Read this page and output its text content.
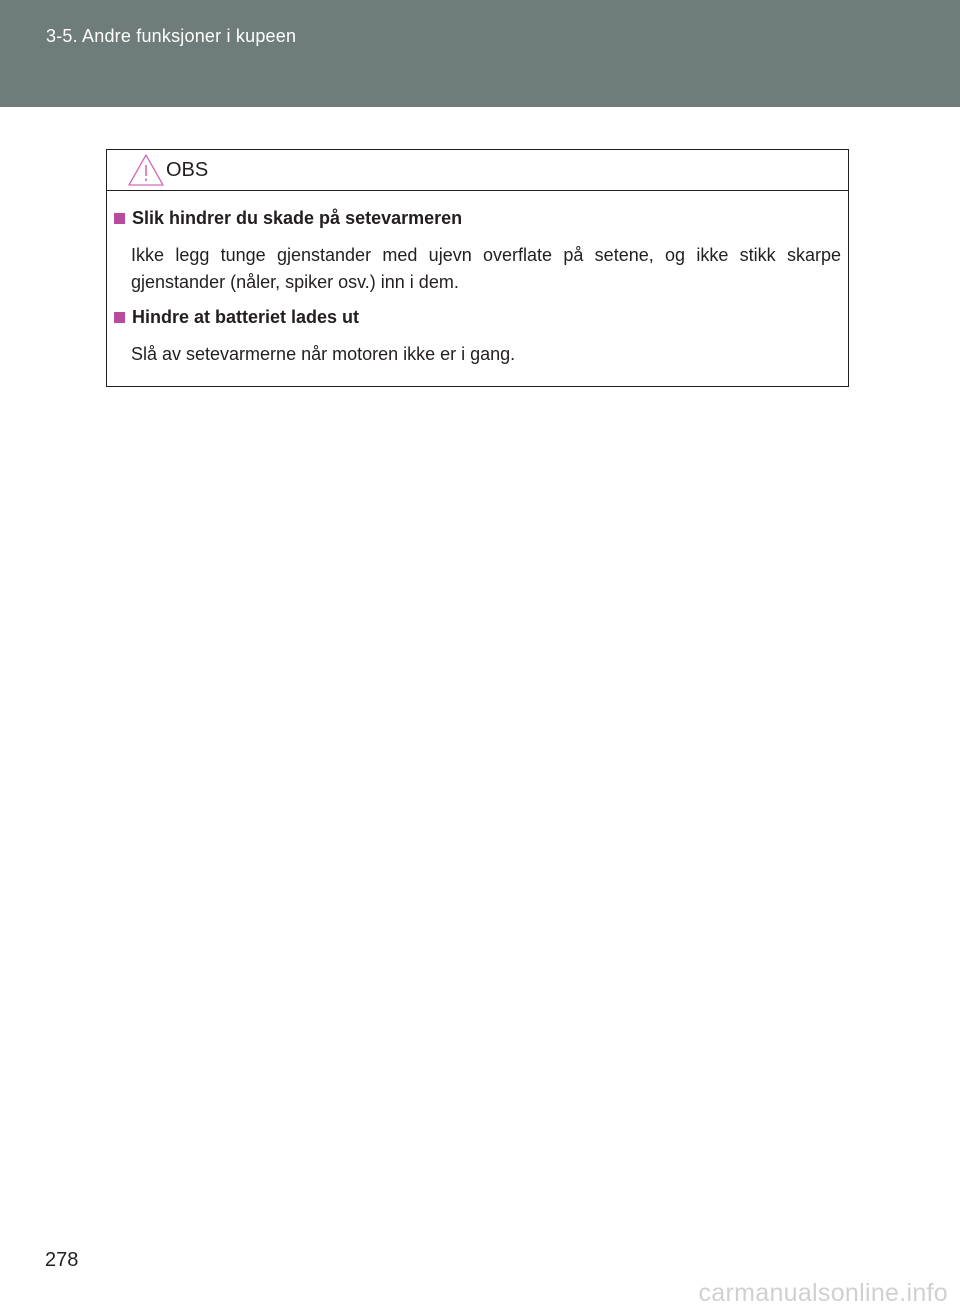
3-5. Andre funksjoner i kupeen
OBS
Slik hindrer du skade på setevarmeren
Ikke legg tunge gjenstander med ujevn overflate på setene, og ikke stikk skarpe gjenstander (nåler, spiker osv.) inn i dem.
Hindre at batteriet lades ut
Slå av setevarmerne når motoren ikke er i gang.
278
carmanualsonline.info
